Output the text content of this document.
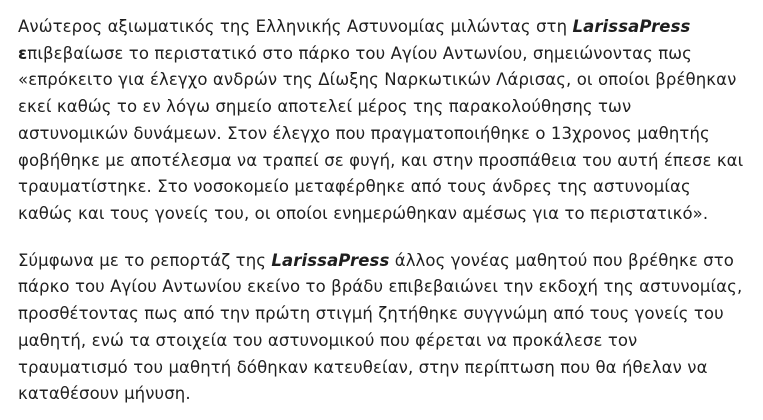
Ανώτερος αξιωματικός της Ελληνικής Αστυνομίας μιλώντας στη LarissaPress επιβεβαίωσε το περιστατικό στο πάρκο του Αγίου Αντωνίου, σημειώνοντας πως «επρόκειτο για έλεγχο ανδρών της Δίωξης Ναρκωτικών Λάρισας, οι οποίοι βρέθηκαν εκεί καθώς το εν λόγω σημείο αποτελεί μέρος της παρακολούθησης των αστυνομικών δυνάμεων. Στον έλεγχο που πραγματοποιήθηκε ο 13χρονος μαθητής φοβήθηκε με αποτέλεσμα να τραπεί σε φυγή, και στην προσπάθεια του αυτή έπεσε και τραυματίστηκε. Στο νοσοκομείο μεταφέρθηκε από τους άνδρες της αστυνομίας καθώς και τους γονείς του, οι οποίοι ενημερώθηκαν αμέσως για το περιστατικό».

Σύμφωνα με το ρεπορτάζ της LarissaPress άλλος γονέας μαθητού που βρέθηκε στο πάρκο του Αγίου Αντωνίου εκείνο το βράδυ επιβεβαιώνει την εκδοχή της αστυνομίας, προσθέτοντας πως από την πρώτη στιγμή ζητήθηκε συγγνώμη από τους γονείς του μαθητή, ενώ τα στοιχεία του αστυνομικού που φέρεται να προκάλεσε τον τραυματισμό του μαθητή δόθηκαν κατευθείαν, στην περίπτωση που θα ήθελαν να καταθέσουν μήνυση.
